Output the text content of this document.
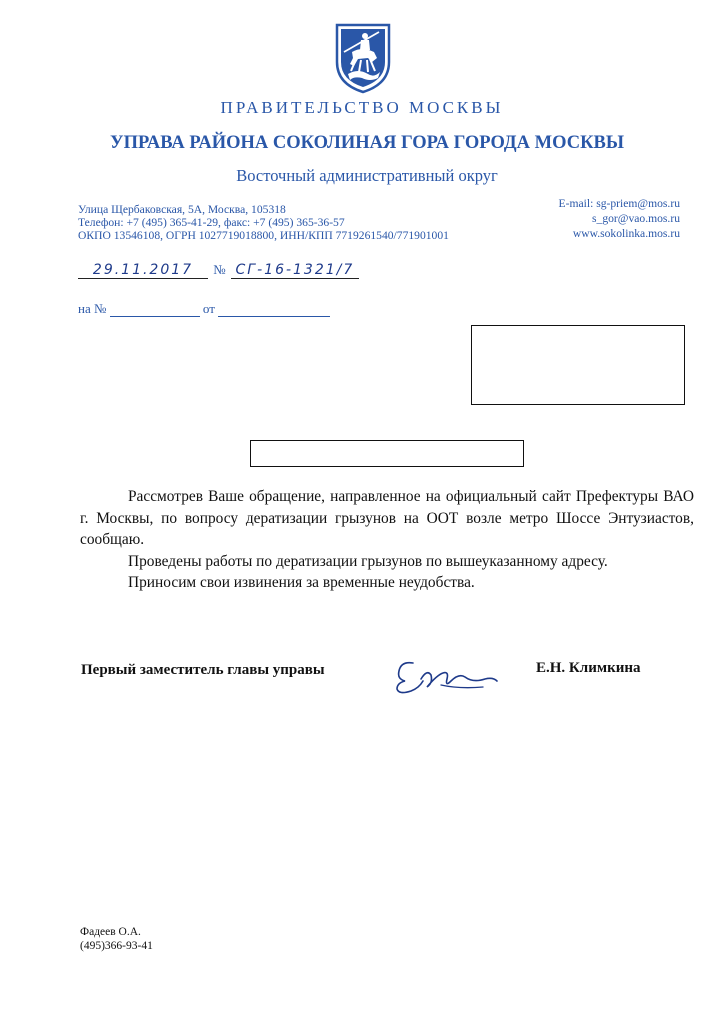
ПРАВИТЕЛЬСТВО МОСКВЫ
УПРАВА РАЙОНА СОКОЛИНАЯ ГОРА ГОРОДА МОСКВЫ
Восточный административный округ
Улица Щербаковская, 5А, Москва, 105318
Телефон: +7 (495) 365-41-29, факс: +7 (495) 365-36-57
ОКПО 13546108, ОГРН 1027719018800, ИНН/КПП 7719261540/771901001
E-mail: sg-priem@mos.ru
s_gor@vao.mos.ru
www.sokolinka.mos.ru
29.11.2017 № СГ-16-1321/7
на №	от

Рассмотрев Ваше обращение, направленное на официальный сайт Префектуры ВАО г. Москвы, по вопросу дератизации грызунов на ООТ возле метро Шоссе Энтузиастов, сообщаю.

Проведены работы по дератизации грызунов по вышеуказанному адресу.

Приносим свои извинения за временные неудобства.

Первый заместитель главы управы	Е.Н. Климкина
Фадеев О.А.
(495)366-93-41
